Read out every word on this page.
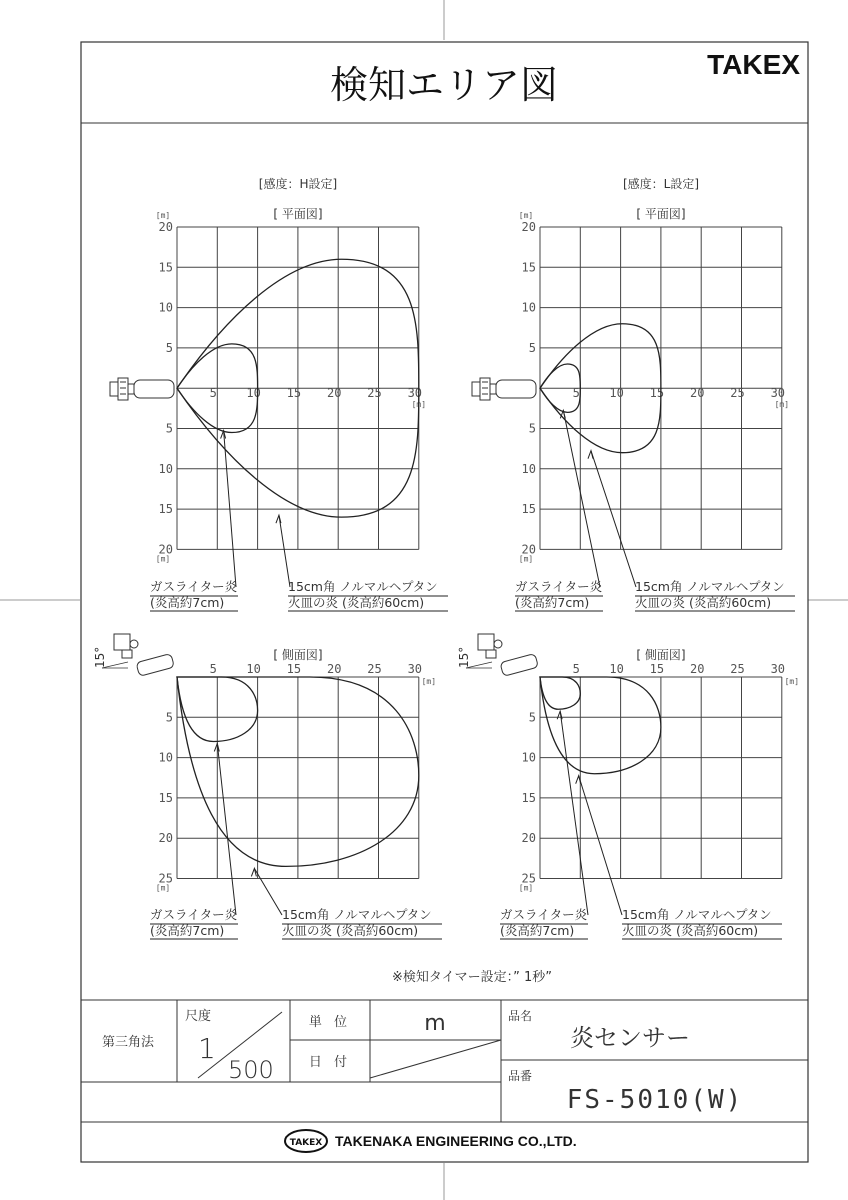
検知エリア図	TAKEX
[感度：H設定]
[ 平面図]
[感度：L設定]
[ 平面図]
[ 側面図]	[ 側面図]
5 10 15 20 25 30
[m]
20
15
10
5
5
10
15
20
[m]
[m]
5 10 15 20 25 30
[m]
20
15
10
5
5
10
15
20
[m]
[m]
5 10 15 20 25 30
[m]
5
10
15
20
25
[m]
5 10 15 20 25 30
[m]
5
10
15
20
25
[m]
15°	15°
ガスライター炎
(炎高約7cm)
15cm角 ノルマルヘプタン
火皿の炎 (炎高約60cm)
ガスライター炎
(炎高約7cm)
15cm角 ノルマルヘプタン
火皿の炎 (炎高約60cm)
ガスライター炎
(炎高約7cm)
15cm角 ノルマルヘプタン
火皿の炎 (炎高約60cm)
ガスライター炎
(炎高約7cm)
15cm角 ノルマルヘプタン
火皿の炎 (炎高約60cm)
※検知タイマー設定：” 1秒”
第三角法
尺度
1
500
単 位	m
日 付
品名
炎センサー
品番
FS-5010(W)
TAKEX TAKENAKA ENGINEERING CO.,LTD.
